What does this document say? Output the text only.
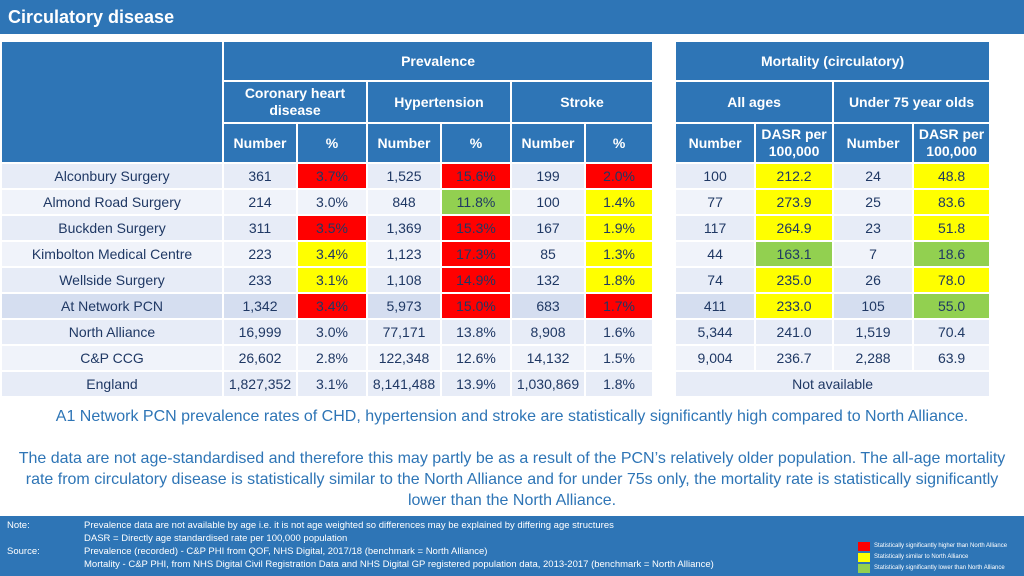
Circulatory disease
	Prevalence							Mortality (circulatory)			
	Coronary heart disease		Hypertension		Stroke			All ages		Under 75 year olds	
	Number	%	Number	%	Number	%		Number	DASR per 100,000	Number	DASR per 100,000
Alconbury Surgery	361	3.7%	1,525	15.6%	199	2.0%		100	212.2	24	48.8
Almond Road Surgery	214	3.0%	848	11.8%	100	1.4%		77	273.9	25	83.6
Buckden Surgery	311	3.5%	1,369	15.3%	167	1.9%		117	264.9	23	51.8
Kimbolton Medical Centre	223	3.4%	1,123	17.3%	85	1.3%		44	163.1	7	18.6
Wellside Surgery	233	3.1%	1,108	14.9%	132	1.8%		74	235.0	26	78.0
At Network PCN	1,342	3.4%	5,973	15.0%	683	1.7%		411	233.0	105	55.0
North Alliance	16,999	3.0%	77,171	13.8%	8,908	1.6%		5,344	241.0	1,519	70.4
C&P CCG	26,602	2.8%	122,348	12.6%	14,132	1.5%		9,004	236.7	2,288	63.9
England	1,827,352	3.1%	8,141,488	13.9%	1,030,869	1.8%		Not available			
A1 Network PCN prevalence rates of CHD, hypertension and stroke are statistically significantly high compared to North Alliance.
The data are not age-standardised and therefore this may partly be as a result of the PCN’s relatively older population. The all-age mortality rate from circulatory disease is statistically similar to the North Alliance and for under 75s only, the mortality rate is statistically significantly lower than the North Alliance.
Note:	Prevalence data are not available by age i.e. it is not age weighted so differences may be explained by differing age structures
DASR = Directly age standardised rate per 100,000 population
Source:	Prevalence (recorded) - C&P PHI from QOF, NHS Digital, 2017/18 (benchmark = North Alliance)
Mortality - C&P PHI, from NHS Digital Civil Registration Data and NHS Digital GP registered population data, 2013-2017 (benchmark = North Alliance)
Statistically significantly higher than North Alliance
Statistically similar to North Alliance
Statistically significantly lower than North Alliance
